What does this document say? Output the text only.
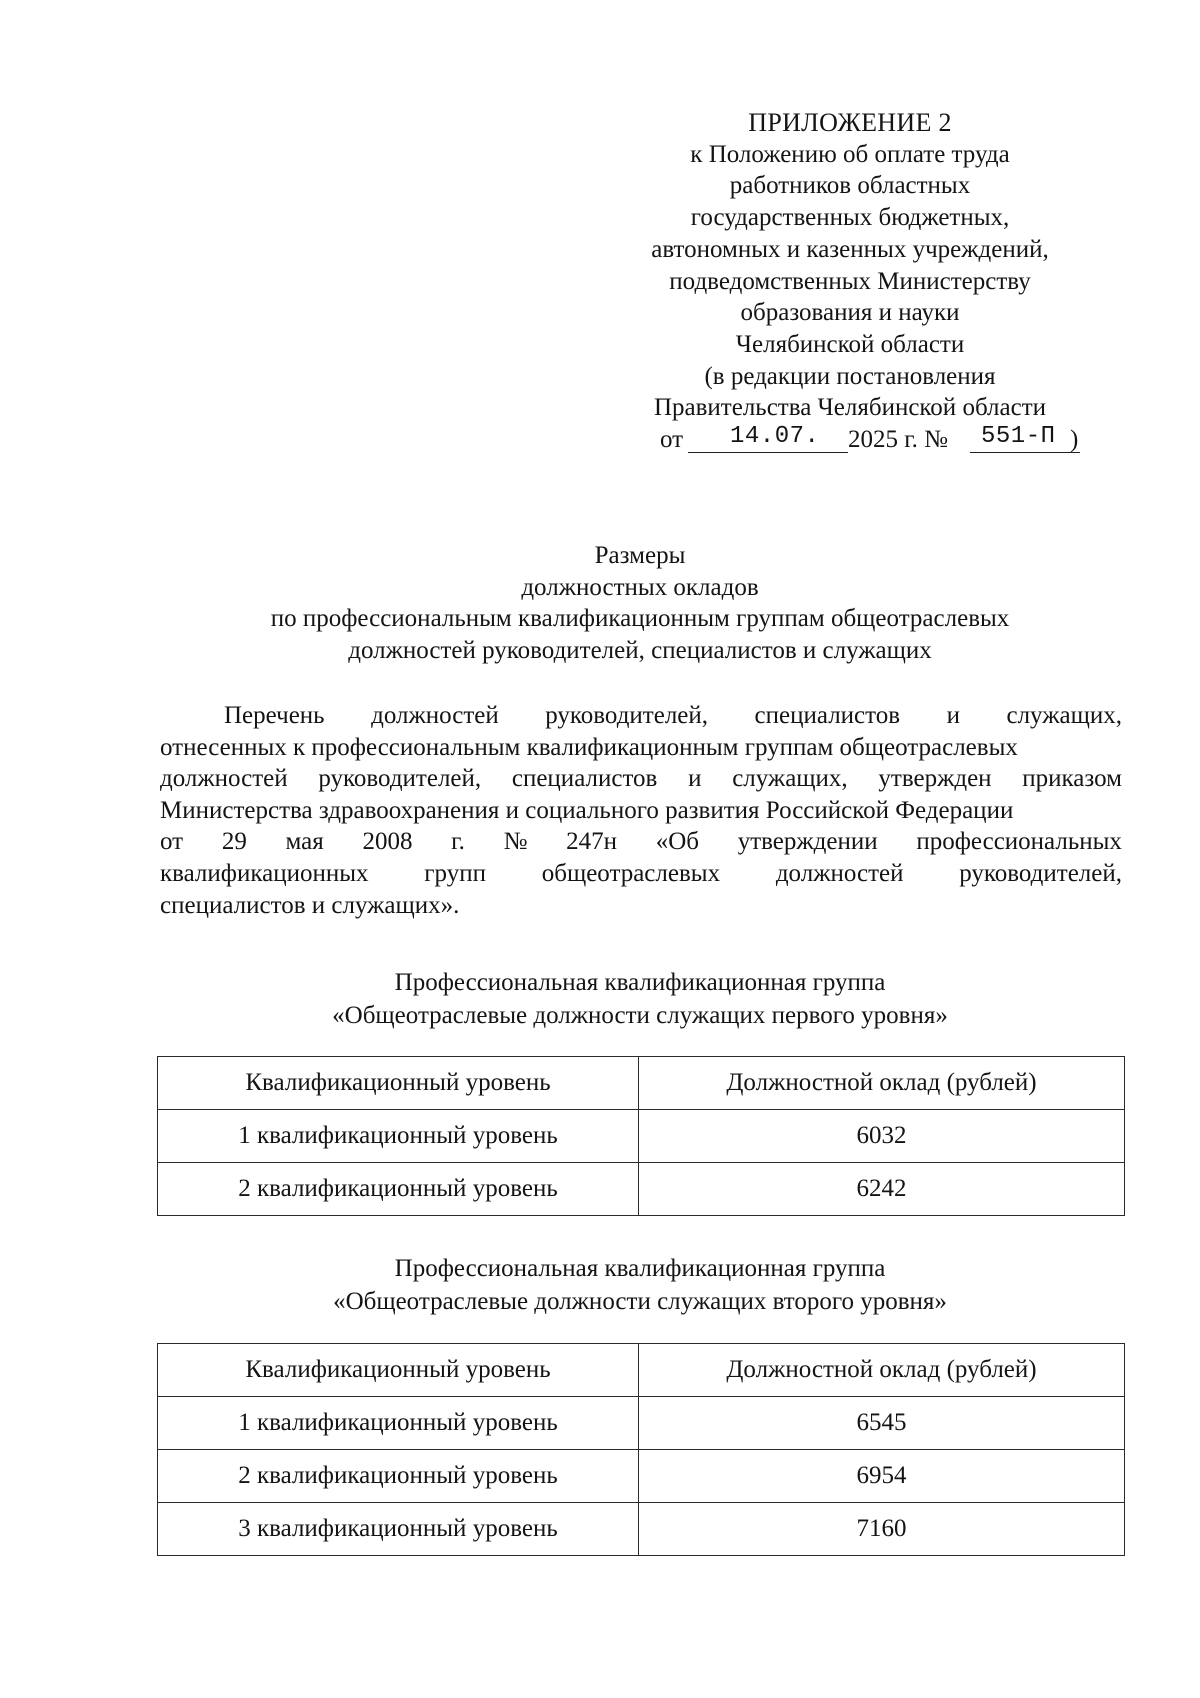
ПРИЛОЖЕНИЕ 2
к Положению об оплате труда
работников областных
государственных бюджетных,
автономных и казенных учреждений,
подведомственных Министерству
образования и науки
Челябинской области
(в редакции постановления
Правительства Челябинской области
от 14.07. 2025 г. № 551-П )
Размеры
должностных окладов
по профессиональным квалификационным группам общеотраслевых
должностей руководителей, специалистов и служащих

Перечень должностей руководителей, специалистов и служащих,

отнесенных к профессиональным квалификационным группам общеотраслевых

должностей руководителей, специалистов и служащих, утвержден приказом

Министерства здравоохранения и социального развития Российской Федерации

от 29 мая 2008 г. № 247н «Об утверждении профессиональных

квалификационных групп общеотраслевых должностей руководителей,

специалистов и служащих».

Профессиональная квалификационная группа
«Общеотраслевые должности служащих первого уровня»
Квалификационный уровень	Должностной оклад (рублей)
1 квалификационный уровень	6032
2 квалификационный уровень	6242
Профессиональная квалификационная группа
«Общеотраслевые должности служащих второго уровня»
Квалификационный уровень	Должностной оклад (рублей)
1 квалификационный уровень	6545
2 квалификационный уровень	6954
3 квалификационный уровень	7160
